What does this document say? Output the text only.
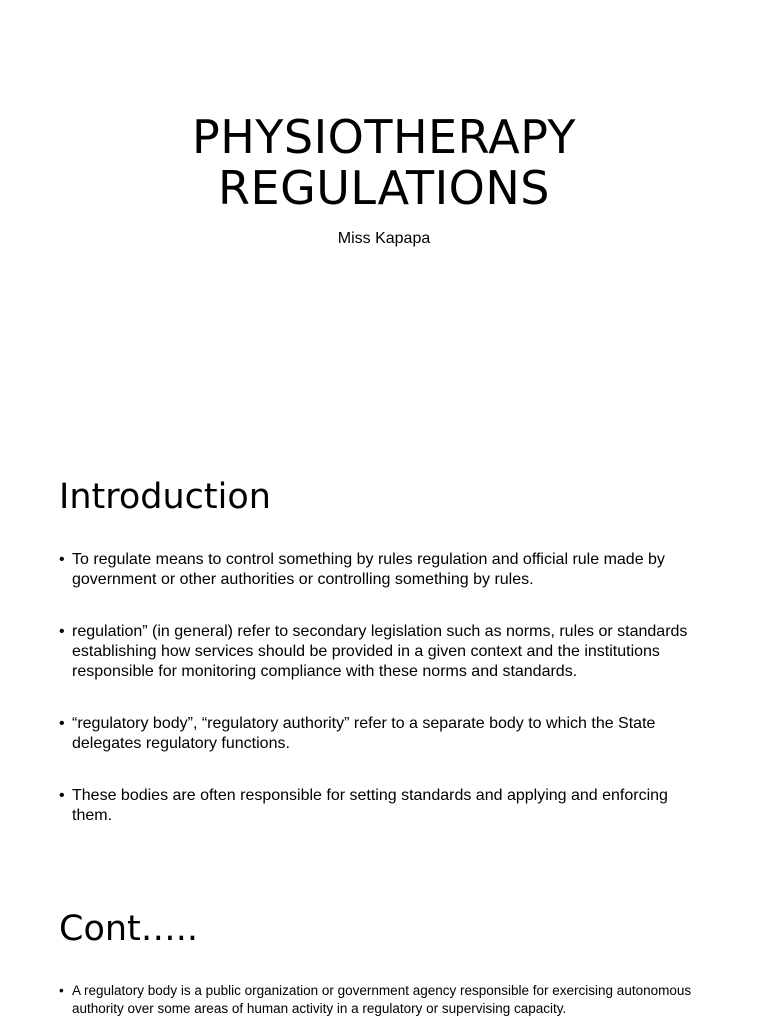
PHYSIOTHERAPY
REGULATIONS

Miss Kapapa

Introduction
• To regulate means to control something by rules regulation and official rule made by government or other authorities or controlling something by rules.
• regulation” (in general) refer to secondary legislation such as norms, rules or standards establishing how services should be provided in a given context and the institutions responsible for monitoring compliance with these norms and standards.
• “regulatory body”, “regulatory authority” refer to a separate body to which the State delegates regulatory functions.
• These bodies are often responsible for setting standards and applying and enforcing them.
Cont…..
• A regulatory body is a public organization or government agency responsible for exercising autonomous authority over some areas of human activity in a regulatory or supervising capacity.
